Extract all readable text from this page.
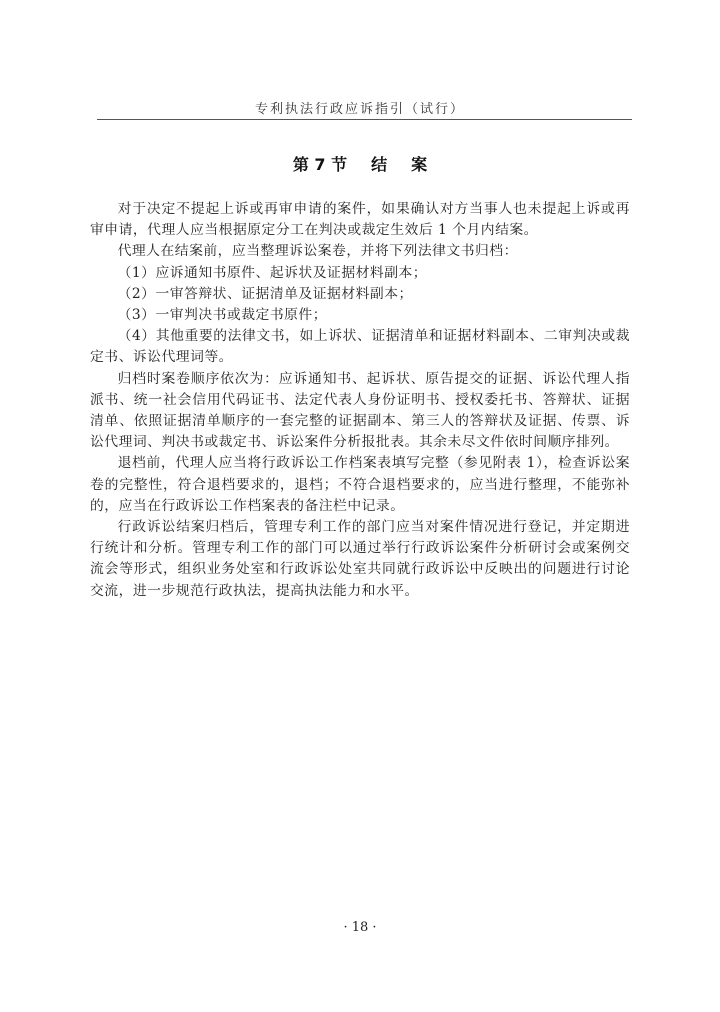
专利执法行政应诉指引（试行）
第 7 节 结 案

对于决定不提起上诉或再审申请的案件，如果确认对方当事人也未提起上诉或再审申请，代理人应当根据原定分工在判决或裁定生效后 1 个月内结案。

代理人在结案前，应当整理诉讼案卷，并将下列法律文书归档：

（1）应诉通知书原件、起诉状及证据材料副本；

（2）一审答辩状、证据清单及证据材料副本；

（3）一审判决书或裁定书原件；

（4）其他重要的法律文书，如上诉状、证据清单和证据材料副本、二审判决或裁定书、诉讼代理词等。

归档时案卷顺序依次为：应诉通知书、起诉状、原告提交的证据、诉讼代理人指派书、统一社会信用代码证书、法定代表人身份证明书、授权委托书、答辩状、证据清单、依照证据清单顺序的一套完整的证据副本、第三人的答辩状及证据、传票、诉讼代理词、判决书或裁定书、诉讼案件分析报批表。其余未尽文件依时间顺序排列。

退档前，代理人应当将行政诉讼工作档案表填写完整（参见附表 1），检查诉讼案卷的完整性，符合退档要求的，退档；不符合退档要求的，应当进行整理，不能弥补的，应当在行政诉讼工作档案表的备注栏中记录。

行政诉讼结案归档后，管理专利工作的部门应当对案件情况进行登记，并定期进行统计和分析。管理专利工作的部门可以通过举行行政诉讼案件分析研讨会或案例交流会等形式，组织业务处室和行政诉讼处室共同就行政诉讼中反映出的问题进行讨论交流，进一步规范行政执法，提高执法能力和水平。

· 18 ·
